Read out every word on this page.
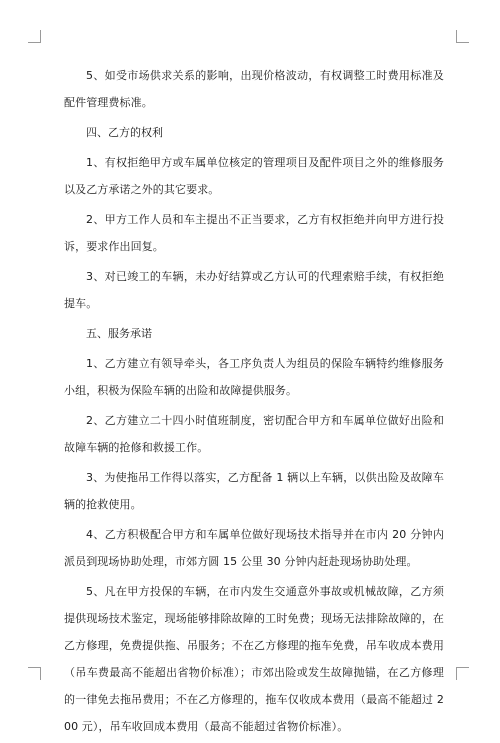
5、如受市场供求关系的影响，出现价格波动，有权调整工时费用标准及配件管理费标准。

四、乙方的权利

1、有权拒绝甲方或车属单位核定的管理项目及配件项目之外的维修服务以及乙方承诺之外的其它要求。

2、甲方工作人员和车主提出不正当要求，乙方有权拒绝并向甲方进行投诉，要求作出回复。

3、对已竣工的车辆，未办好结算或乙方认可的代理索赔手续，有权拒绝提车。

五、服务承诺

1、乙方建立有领导牵头，各工序负责人为组员的保险车辆特约维修服务小组，积极为保险车辆的出险和故障提供服务。

2、乙方建立二十四小时值班制度，密切配合甲方和车属单位做好出险和故障车辆的抢修和救援工作。

3、为使拖吊工作得以落实，乙方配备 1 辆以上车辆，以供出险及故障车辆的抢救使用。

4、乙方积极配合甲方和车属单位做好现场技术指导并在市内 20 分钟内派员到现场协助处理，市郊方圆 15 公里 30 分钟内赶赴现场协助处理。

5、凡在甲方投保的车辆，在市内发生交通意外事故或机械故障，乙方须提供现场技术鉴定，现场能够排除故障的工时免费；现场无法排除故障的，在乙方修理，免费提供拖、吊服务；不在乙方修理的拖车免费，吊车收成本费用（吊车费最高不能超出省物价标准）；市郊出险或发生故障抛锚，在乙方修理的一律免去拖吊费用；不在乙方修理的，拖车仅收成本费用（最高不能超过 200 元），吊车收回成本费用（最高不能超过省物价标准）。
